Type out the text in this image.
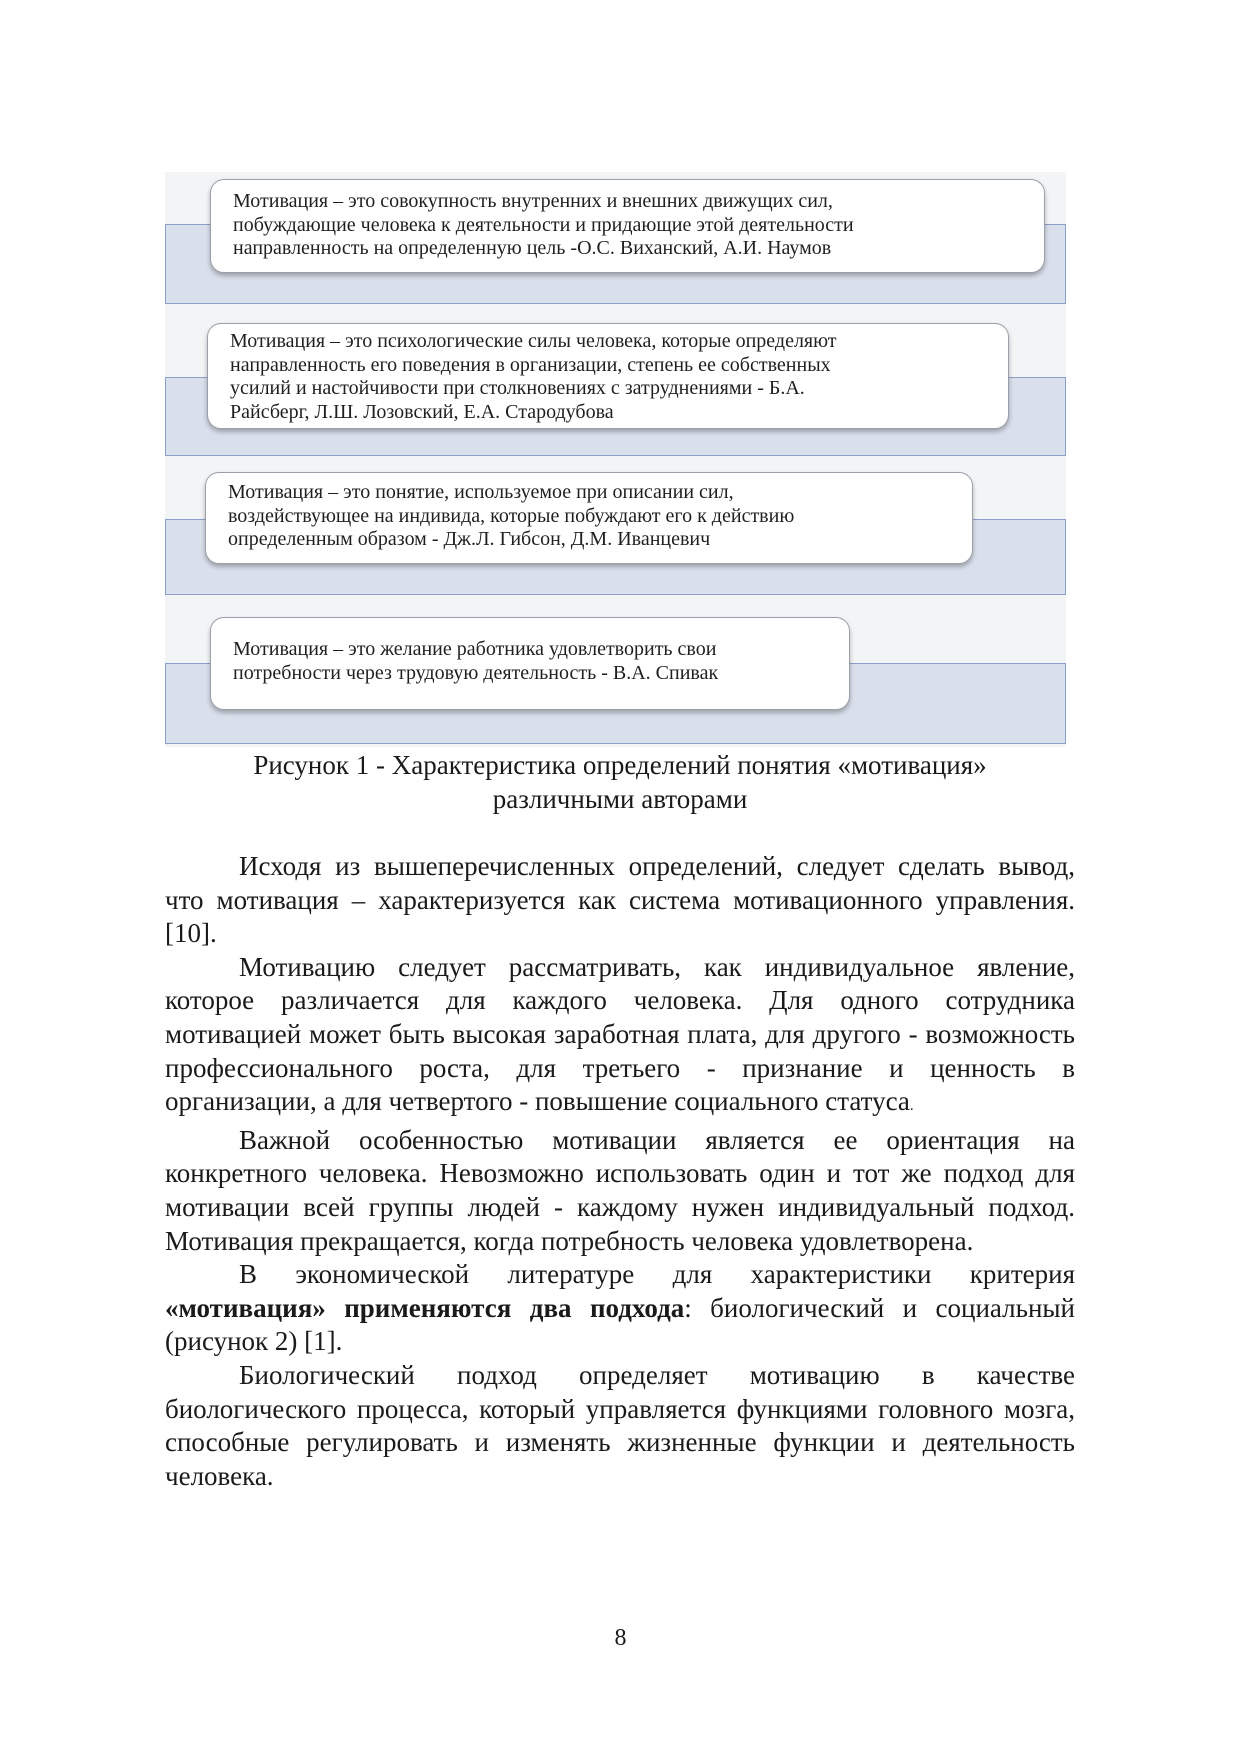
Мотивация – это совокупность внутренних и внешних движущих сил,
побуждающие человека к деятельности и придающие этой деятельности
направленность на определенную цель -О.С. Виханский, А.И. Наумов
Мотивация – это психологические силы человека, которые определяют
направленность его поведения в организации, степень ее собственных
усилий и настойчивости при столкновениях с затруднениями - Б.А.
Райсберг, Л.Ш. Лозовский, Е.А. Стародубова
Мотивация – это понятие, используемое при описании сил,
воздействующее на индивида, которые побуждают его к действию
определенным образом - Дж.Л. Гибсон, Д.М. Иванцевич
Мотивация – это желание работника удовлетворить свои
потребности через трудовую деятельность - В.А. Спивак
Рисунок 1 - Характеристика определений понятия «мотивация»
различными авторами

Исходя из вышеперечисленных определений, следует сделать вывод, что мотивация – характеризуется как система мотивационного управления. [10].

Мотивацию следует рассматривать, как индивидуальное явление, которое различается для каждого человека. Для одного сотрудника мотивацией может быть высокая заработная плата, для другого - возможность профессионального роста, для третьего - признание и ценность в организации, а для четвертого - повышение социального статуса.

Важной особенностью мотивации является ее ориентация на конкретного человека. Невозможно использовать один и тот же подход для мотивации всей группы людей - каждому нужен индивидуальный подход. Мотивация прекращается, когда потребность человека удовлетворена.

В экономической литературе для характеристики критерия «мотивация» применяются два подхода: биологический и социальный (рисунок 2) [1].

Биологический подход определяет мотивацию в качестве биологического процесса, который управляется функциями головного мозга, способные регулировать и изменять жизненные функции и деятельность человека.

8
